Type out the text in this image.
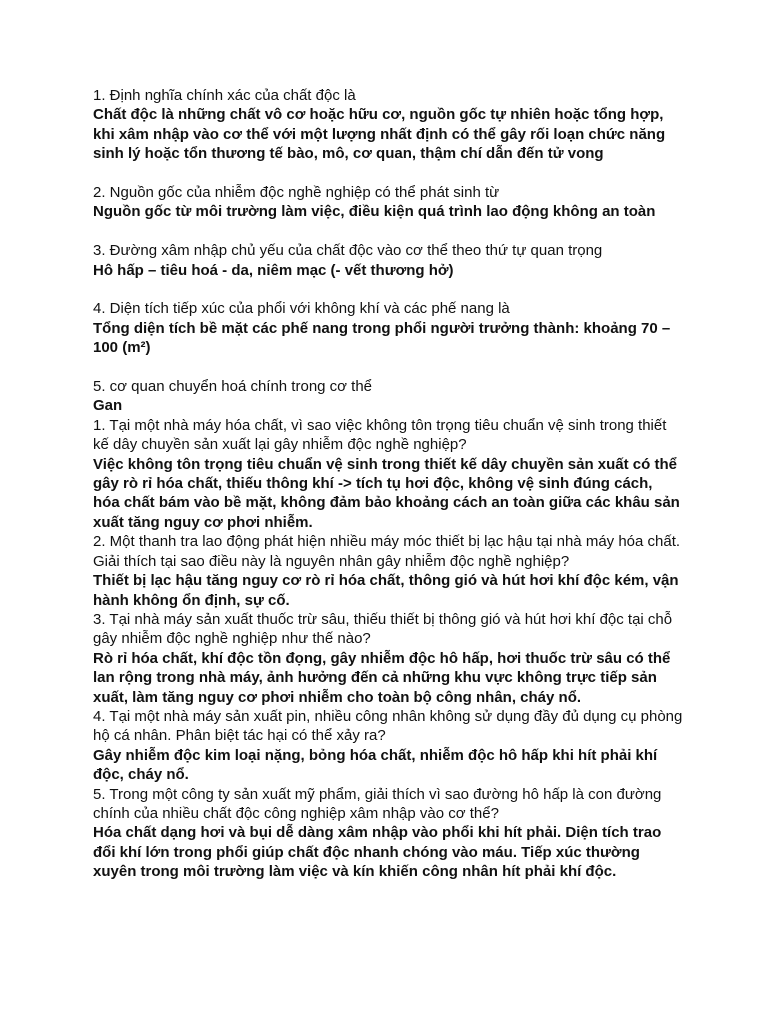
1. Định nghĩa chính xác của chất độc là

Chất độc là những chất vô cơ hoặc hữu cơ, nguồn gốc tự nhiên hoặc tổng hợp, khi xâm nhập vào cơ thể với một lượng nhất định có thể gây rối loạn chức năng sinh lý hoặc tổn thương tế bào, mô, cơ quan, thậm chí dẫn đến tử vong

2. Nguồn gốc của nhiễm độc nghề nghiệp có thể phát sinh từ

Nguồn gốc từ môi trường làm việc, điều kiện quá trình lao động không an toàn

3. Đường xâm nhập chủ yếu của chất độc vào cơ thể theo thứ tự quan trọng

Hô hấp – tiêu hoá - da, niêm mạc (- vết thương hở)

4. Diện tích tiếp xúc của phổi với không khí và các phế nang là

Tổng diện tích bề mặt các phế nang trong phổi người trưởng thành: khoảng 70 – 100 (m²)

5. cơ quan chuyển hoá chính trong cơ thể

Gan

1. Tại một nhà máy hóa chất, vì sao việc không tôn trọng tiêu chuẩn vệ sinh trong thiết kế dây chuyền sản xuất lại gây nhiễm độc nghề nghiệp?

Việc không tôn trọng tiêu chuẩn vệ sinh trong thiết kế dây chuyền sản xuất có thể gây rò rỉ hóa chất, thiếu thông khí -> tích tụ hơi độc, không vệ sinh đúng cách, hóa chất bám vào bề mặt, không đảm bảo khoảng cách an toàn giữa các khâu sản xuất tăng nguy cơ phơi nhiễm.

2. Một thanh tra lao động phát hiện nhiều máy móc thiết bị lạc hậu tại nhà máy hóa chất. Giải thích tại sao điều này là nguyên nhân gây nhiễm độc nghề nghiệp?

Thiết bị lạc hậu tăng nguy cơ rò rỉ hóa chất, thông gió và hút hơi khí độc kém, vận hành không ổn định, sự cố.

3. Tại nhà máy sản xuất thuốc trừ sâu, thiếu thiết bị thông gió và hút hơi khí độc tại chỗ gây nhiễm độc nghề nghiệp như thế nào?

Rò rỉ hóa chất, khí độc tồn đọng, gây nhiễm độc hô hấp, hơi thuốc trừ sâu có thể lan rộng trong nhà máy, ảnh hưởng đến cả những khu vực không trực tiếp sản xuất, làm tăng nguy cơ phơi nhiễm cho toàn bộ công nhân, cháy nổ.

4. Tại một nhà máy sản xuất pin, nhiều công nhân không sử dụng đầy đủ dụng cụ phòng hộ cá nhân. Phân biệt tác hại có thể xảy ra?

Gây nhiễm độc kim loại nặng, bỏng hóa chất, nhiễm độc hô hấp khi hít phải khí độc, cháy nổ.

5. Trong một công ty sản xuất mỹ phẩm, giải thích vì sao đường hô hấp là con đường chính của nhiều chất độc công nghiệp xâm nhập vào cơ thể?

Hóa chất dạng hơi và bụi dễ dàng xâm nhập vào phổi khi hít phải. Diện tích trao đổi khí lớn trong phổi giúp chất độc nhanh chóng vào máu. Tiếp xúc thường xuyên trong môi trường làm việc và kín khiến công nhân hít phải khí độc.
